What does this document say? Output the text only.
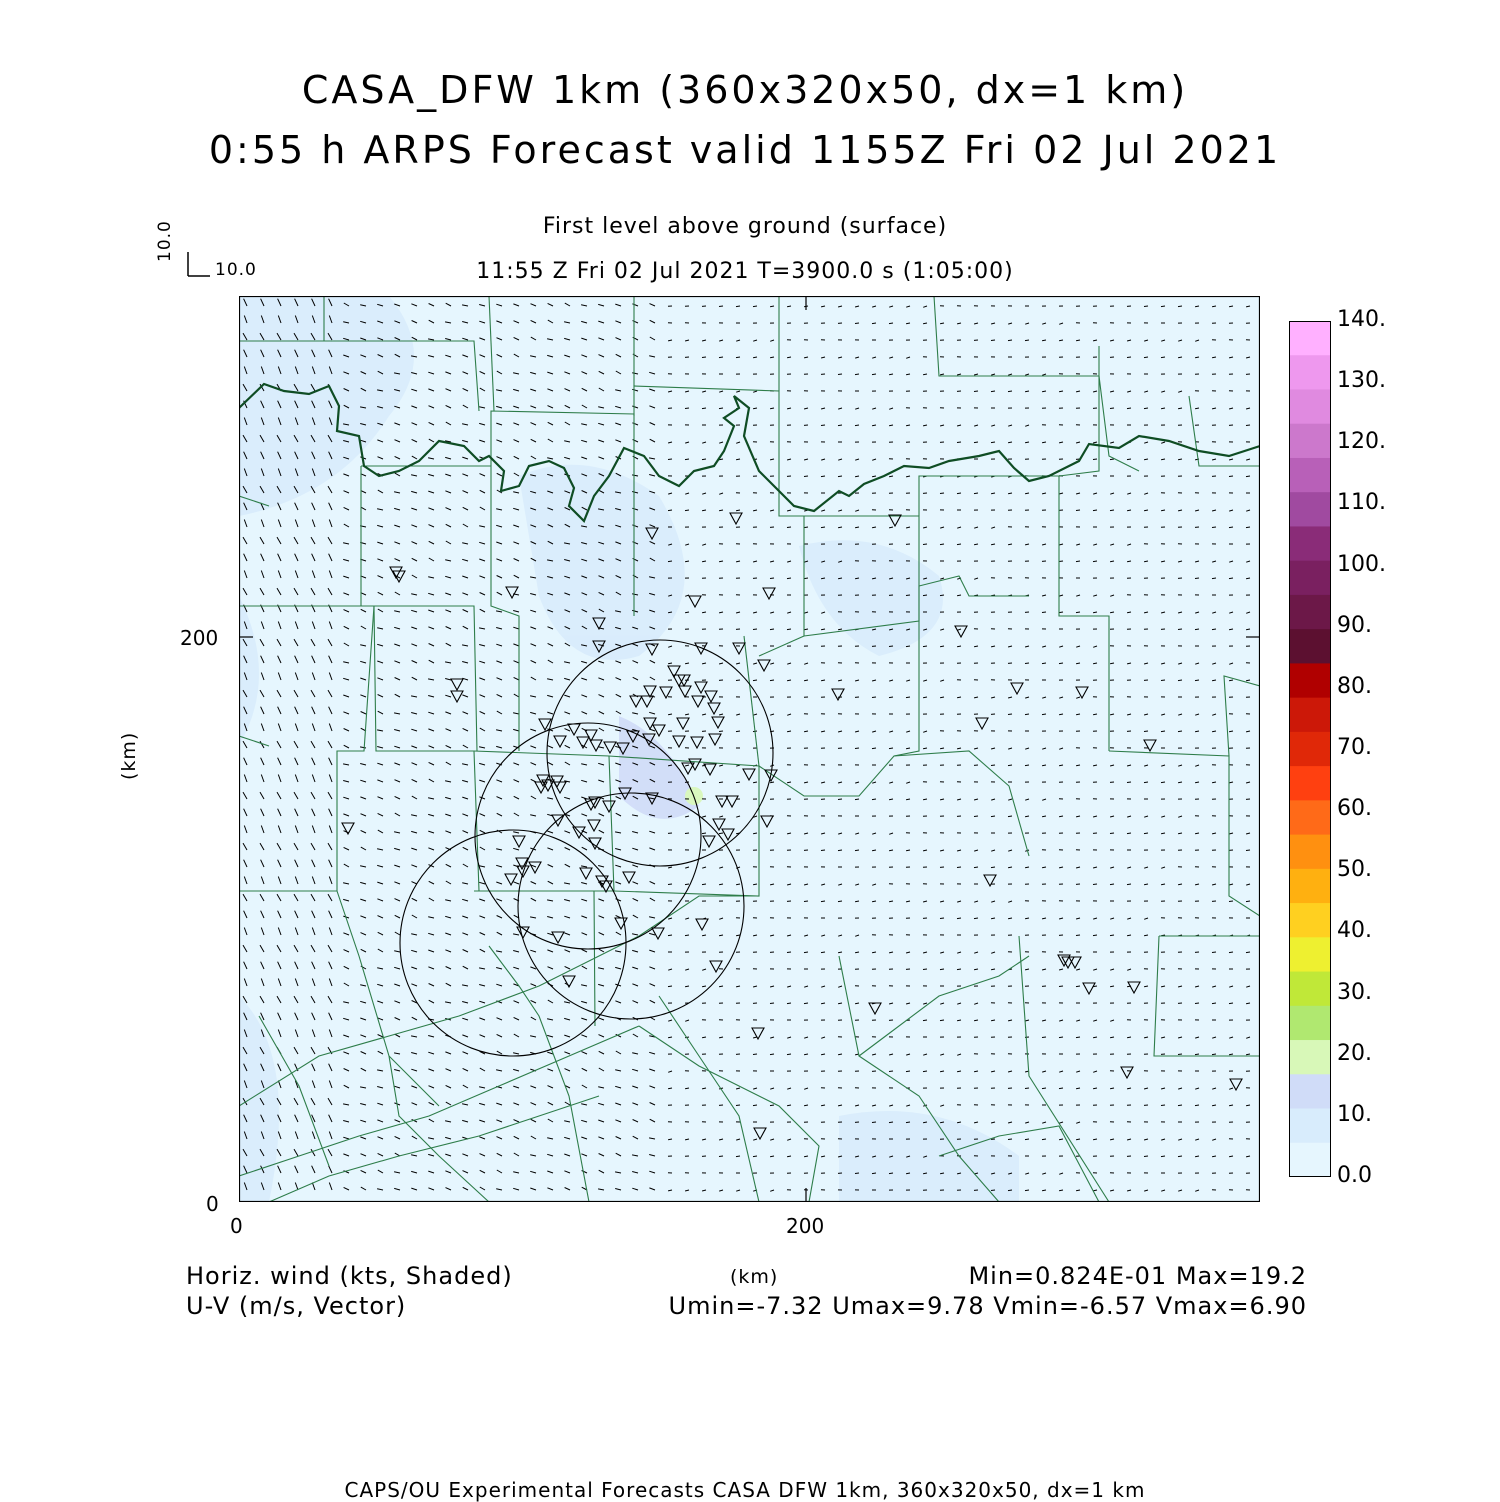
CASA_DFW 1km (360x320x50, dx=1 km)
0:55 h ARPS Forecast valid 1155Z Fri 02 Jul 2021
First level above ground (surface)
11:55 Z Fri 02 Jul 2021 T=3900.0 s (1:05:00)
10.0
10.0
0	200
0
200
(km)
140.
130.
120.
110.
100.
90.
80.
70.
60.
50.
40.
30.
20.
10.
0.0
Horiz. wind (kts, Shaded)
U-V (m/s, Vector)
(km)	Min=0.824E-01 Max=19.2
Umin=-7.32 Umax=9.78 Vmin=-6.57 Vmax=6.90
CAPS/OU Experimental Forecasts CASA DFW 1km, 360x320x50, dx=1 km
